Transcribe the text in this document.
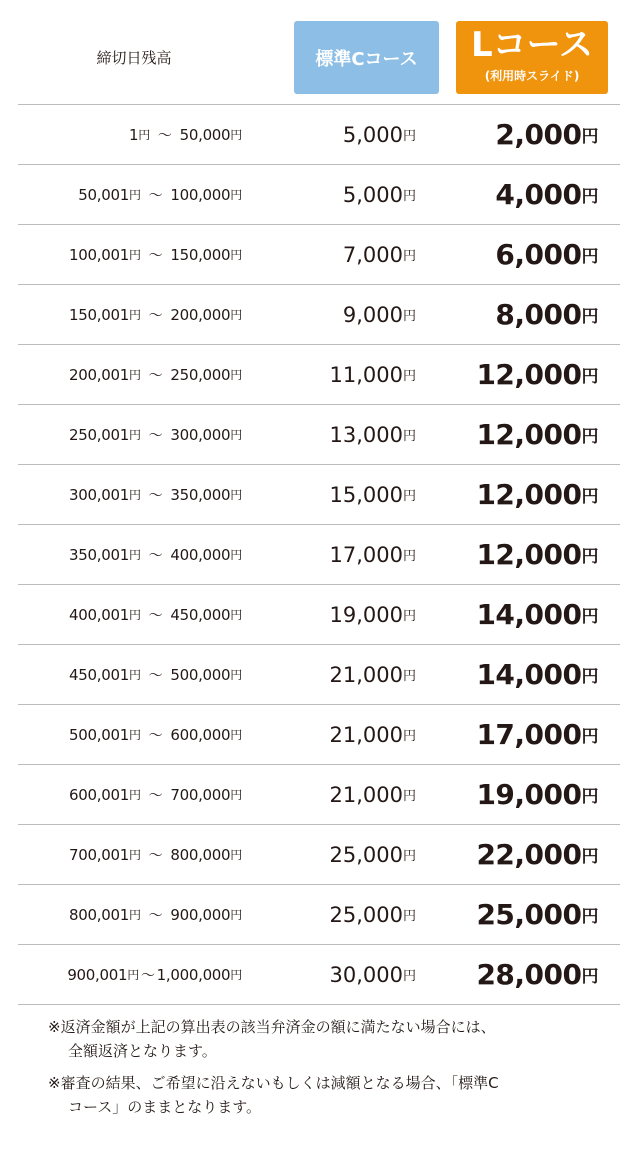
締切日残高	標準Cコース	Lコース
(利用時スライド)
1 円 ～ 50,000 円	5,000 円	2,000 円
50,001 円 ～ 100,000 円	5,000 円	4,000 円
100,001 円 ～ 150,000 円	7,000 円	6,000 円
150,001 円 ～ 200,000 円	9,000 円	8,000 円
200,001 円 ～ 250,000 円	11,000 円 12,000 円
250,001 円 ～ 300,000 円	13,000 円 12,000 円
300,001 円 ～ 350,000 円	15,000 円 12,000 円
350,001 円 ～ 400,000 円	17,000 円 12,000 円
400,001 円 ～ 450,000 円	19,000 円 14,000 円
450,001 円 ～ 500,000 円	21,000 円 14,000 円
500,001 円 ～ 600,000 円	21,000 円 17,000 円
600,001 円 ～ 700,000 円	21,000 円 19,000 円
700,001 円 ～ 800,000 円	25,000 円 22,000 円
800,001 円 ～ 900,000 円	25,000 円 25,000 円
900,001 円 ～ 1,000,000 円	30,000 円 28,000 円

※返済金額が上記の算出表の該当弁済金の額に満たない場合には、
全額返済となります。

※審査の結果、ご希望に沿えないもしくは減額となる場合、「標準C
コース」のままとなります。
